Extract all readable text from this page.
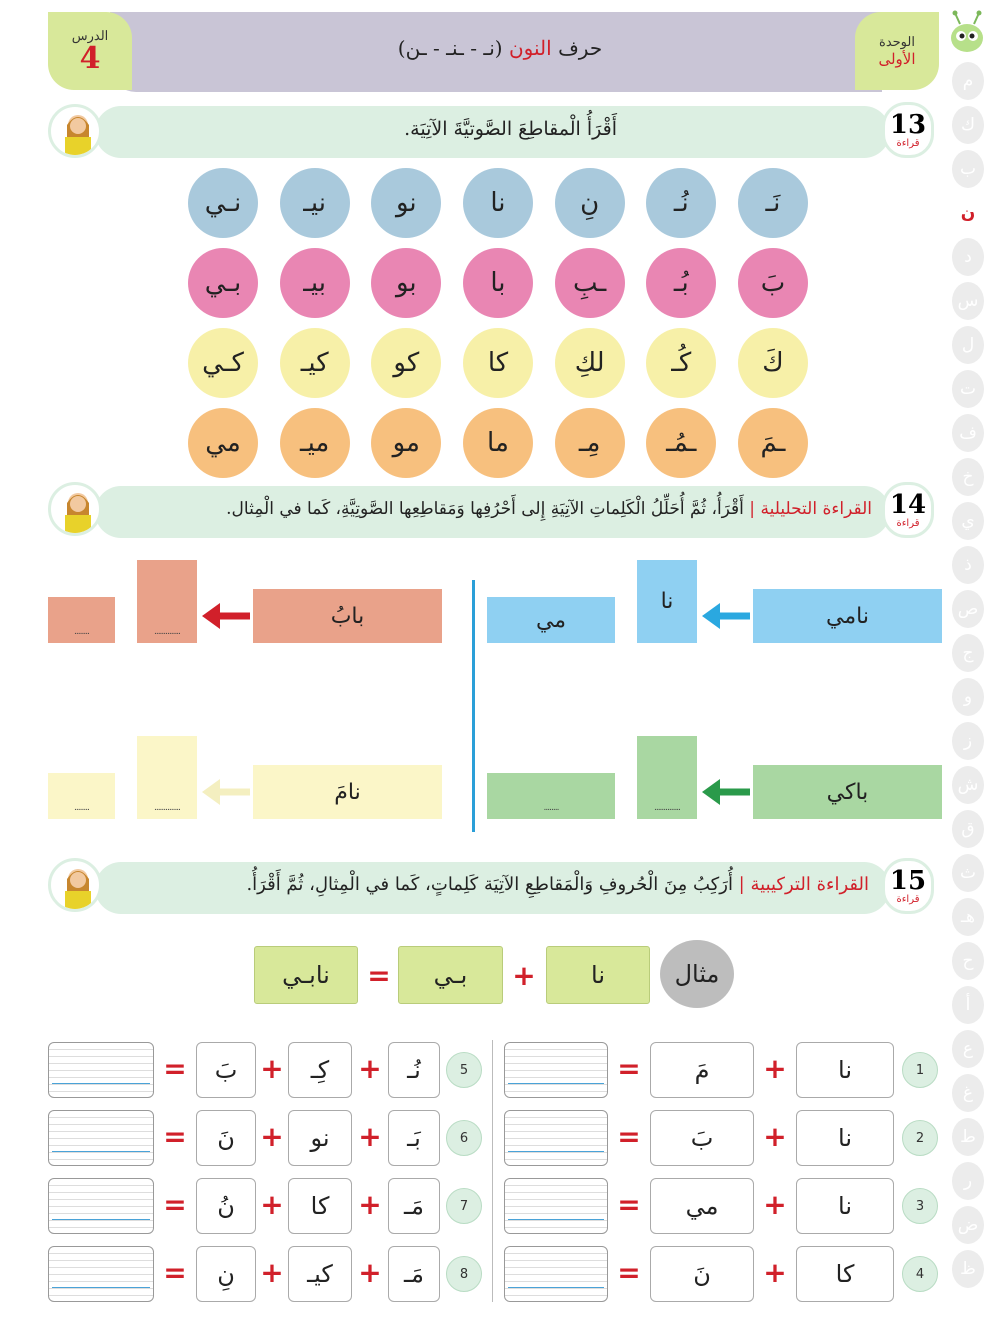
الدرس
4	الوحدة
الأولى
حرف النون (نـ - ـنـ - ـن)
م
ك
ب
ن
د
س
ل
ت
ف
خ
ي
ذ
ص
ج
و
ز
ش
ق
ث
هـ
ح
أ
ع
غ
ط
ر
ض
ظ
13
قراءة
أَقْرَأُ الْمقاطِعَ الصَّوتيَّةَ الآتِيَة.
نَـ
نُـ
نِ
نا
نو
نيـ
نـي
بَ
بُـ
ـبِ
با
بو
بيـ
بـي
كَ
كُـ
لكِ
كا
كو
كيـ
كـي
ـمَ
ـمُـ
مِـ
ما
مو
ميـ
مي
14
قراءة
القراءة التحليلية | أَقْرَأُ، ثُمَّ أُحَلِّلُ الْكَلِماتِ الآتِيَةِ إِلى أَحْرُفِها وَمَقاطِعِها الصَّوتِيَّةِ، كَما في الْمِثال.
نامي
نا
مي
بابُ
..............
........
باكي
..............
........
نامَ
..............
........
15
قراءة
القراءة التركيبية | أُرَكِبُ مِنَ الْحُروفِ وَالْمَقاطِعِ الآتِيَة كَلِماتٍ، كَما في الْمِثالِ، ثُمَّ أَقْرَأُ.
مثال
نا
+
بـي
=
نابـي
1
نا
+
مَ
=
2
نا
+
بَ
=
3
نا
+
مي
=
4
كا
+
نَ
=
5
نُـ
+
كِـ
+
بَ
=
6
بَـ
+
نو
+
نَ
=
7
مَـ
+
كا
+
نُ
=
8
مَـ
+
كيـ
+
نِ
=
